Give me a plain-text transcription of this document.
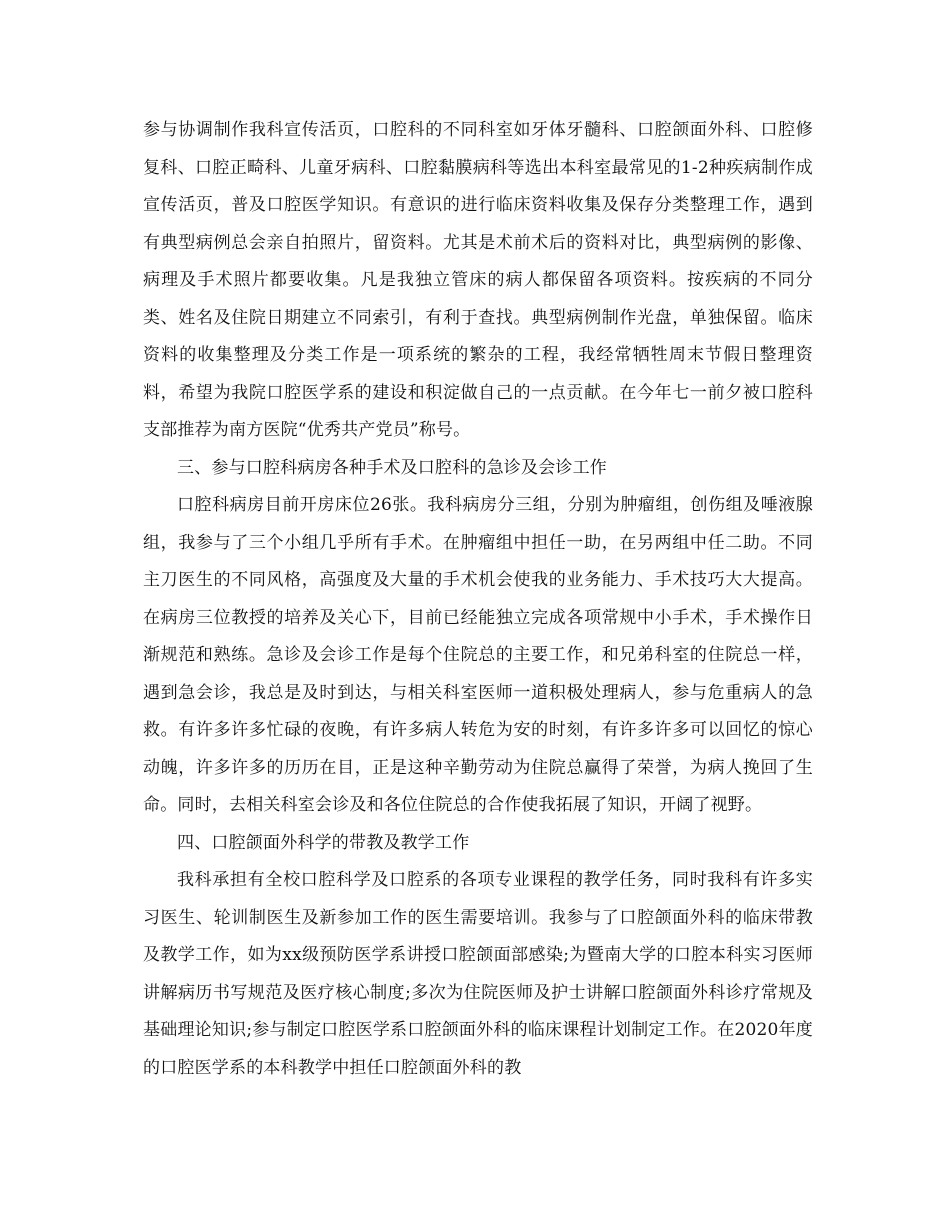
参与协调制作我科宣传活页，口腔科的不同科室如牙体牙髓科、口腔颌面外科、口腔修复科、口腔正畸科、儿童牙病科、口腔黏膜病科等选出本科室最常见的1-2种疾病制作成宣传活页，普及口腔医学知识。有意识的进行临床资料收集及保存分类整理工作，遇到有典型病例总会亲自拍照片，留资料。尤其是术前术后的资料对比，典型病例的影像、病理及手术照片都要收集。凡是我独立管床的病人都保留各项资料。按疾病的不同分类、姓名及住院日期建立不同索引，有利于查找。典型病例制作光盘，单独保留。临床资料的收集整理及分类工作是一项系统的繁杂的工程，我经常牺牲周末节假日整理资料，希望为我院口腔医学系的建设和积淀做自己的一点贡献。在今年七一前夕被口腔科支部推荐为南方医院“优秀共产党员”称号。

三、参与口腔科病房各种手术及口腔科的急诊及会诊工作

口腔科病房目前开房床位26张。我科病房分三组，分别为肿瘤组，创伤组及唾液腺组，我参与了三个小组几乎所有手术。在肿瘤组中担任一助，在另两组中任二助。不同主刀医生的不同风格，高强度及大量的手术机会使我的业务能力、手术技巧大大提高。在病房三位教授的培养及关心下，目前已经能独立完成各项常规中小手术，手术操作日渐规范和熟练。急诊及会诊工作是每个住院总的主要工作，和兄弟科室的住院总一样，遇到急会诊，我总是及时到达，与相关科室医师一道积极处理病人，参与危重病人的急救。有许多许多忙碌的夜晚，有许多病人转危为安的时刻，有许多许多可以回忆的惊心动魄，许多许多的历历在目，正是这种辛勤劳动为住院总赢得了荣誉，为病人挽回了生命。同时，去相关科室会诊及和各位住院总的合作使我拓展了知识，开阔了视野。

四、口腔颌面外科学的带教及教学工作

我科承担有全校口腔科学及口腔系的各项专业课程的教学任务，同时我科有许多实习医生、轮训制医生及新参加工作的医生需要培训。我参与了口腔颌面外科的临床带教及教学工作，如为xx级预防医学系讲授口腔颌面部感染;为暨南大学的口腔本科实习医师讲解病历书写规范及医疗核心制度;多次为住院医师及护士讲解口腔颌面外科诊疗常规及基础理论知识;参与制定口腔医学系口腔颌面外科的临床课程计划制定工作。在2020年度的口腔医学系的本科教学中担任口腔颌面外科的教
